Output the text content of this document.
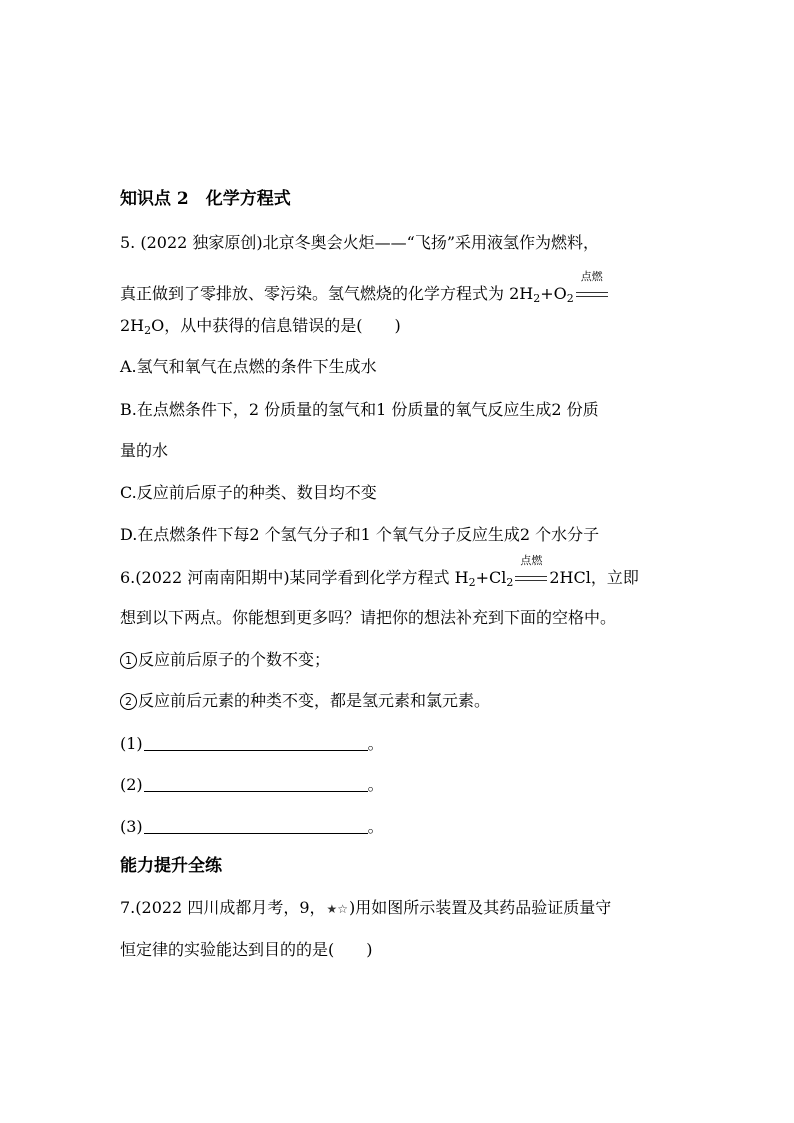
知识点 2　化学方程式
5. (2022 独家原创)北京冬奥会火炬——“飞扬”采用液氢作为燃料，
真正做到了零排放、零污染。氢气燃烧的化学方程式为 $2H_2+O_2$
点燃
$2H_2O$，从中获得的信息错误的是(　　)
A.氢气和氧气在点燃的条件下生成水
B.在点燃条件下，2 份质量的氢气和1 份质量的氧气反应生成2 份质
量的水
C.反应前后原子的种类、数目均不变
D.在点燃条件下每2 个氢气分子和1 个氧气分子反应生成2 个水分子
6.(2022 河南南阳期中)某同学看到化学方程式 $H_2+Cl_2$
点燃
2HCl，立即
想到以下两点。你能想到更多吗？请把你的想法补充到下面的空格中。
1 反应前后原子的个数不变；
2 反应前后元素的种类不变，都是氢元素和氯元素。
(1)	。
(2)	。
(3)	。
能力提升全练
7.(2022 四川成都月考，9，★☆)用如图所示装置及其药品验证质量守
恒定律的实验能达到目的的是(　　)
